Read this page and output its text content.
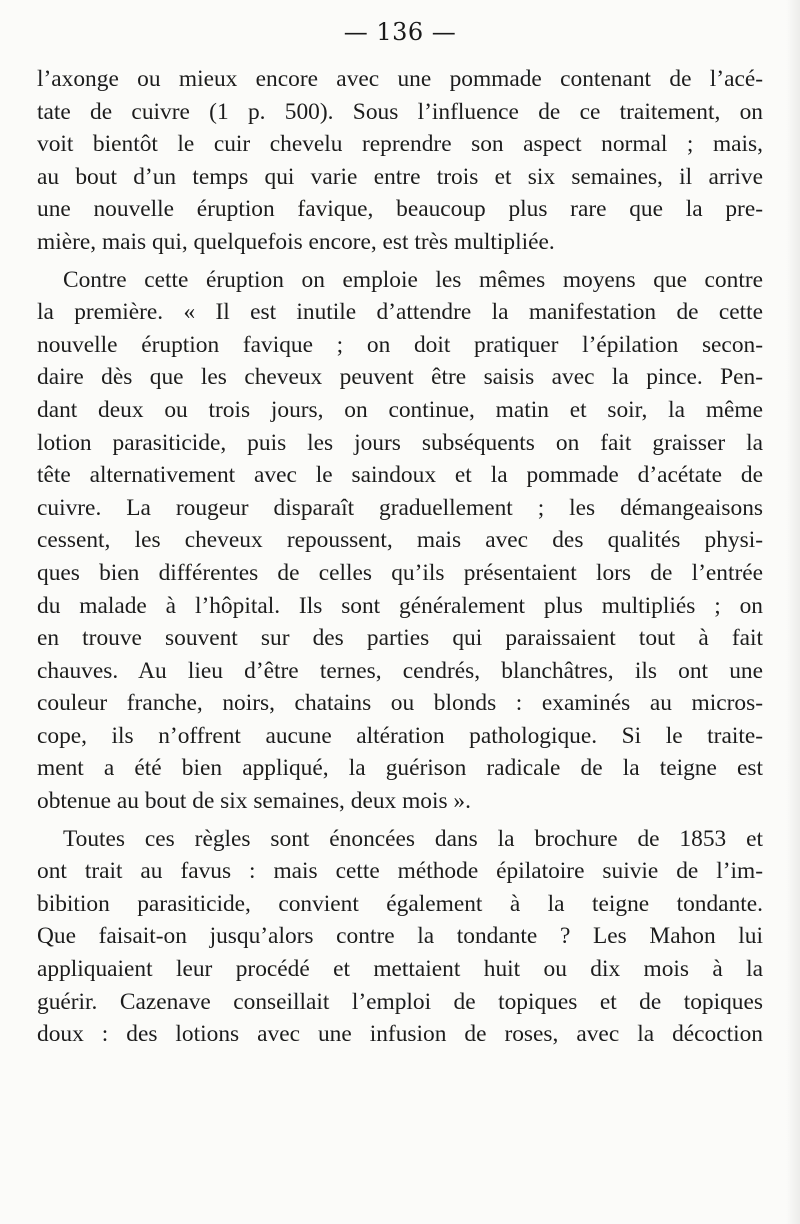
— 136 —
l’axonge ou mieux encore avec une pommade contenant de l’acé-
tate de cuivre (1 p. 500). Sous l’influence de ce traitement, on
voit bientôt le cuir chevelu reprendre son aspect normal ; mais,
au bout d’un temps qui varie entre trois et six semaines, il arrive
une nouvelle éruption favique, beaucoup plus rare que la pre-
mière, mais qui, quelquefois encore, est très multipliée.
Contre cette éruption on emploie les mêmes moyens que contre
la première. « Il est inutile d’attendre la manifestation de cette
nouvelle éruption favique ; on doit pratiquer l’épilation secon-
daire dès que les cheveux peuvent être saisis avec la pince. Pen-
dant deux ou trois jours, on continue, matin et soir, la même
lotion parasiticide, puis les jours subséquents on fait graisser la
tête alternativement avec le saindoux et la pommade d’acétate de
cuivre. La rougeur disparaît graduellement ; les démangeaisons
cessent, les cheveux repoussent, mais avec des qualités physi-
ques bien différentes de celles qu’ils présentaient lors de l’entrée
du malade à l’hôpital. Ils sont généralement plus multipliés ; on
en trouve souvent sur des parties qui paraissaient tout à fait
chauves. Au lieu d’être ternes, cendrés, blanchâtres, ils ont une
couleur franche, noirs, chatains ou blonds : examinés au micros-
cope, ils n’offrent aucune altération pathologique. Si le traite-
ment a été bien appliqué, la guérison radicale de la teigne est
obtenue au bout de six semaines, deux mois ».
Toutes ces règles sont énoncées dans la brochure de 1853 et
ont trait au favus : mais cette méthode épilatoire suivie de l’im-
bibition parasiticide, convient également à la teigne tondante.
Que faisait-on jusqu’alors contre la tondante ? Les Mahon lui
appliquaient leur procédé et mettaient huit ou dix mois à la
guérir. Cazenave conseillait l’emploi de topiques et de topiques
doux : des lotions avec une infusion de roses, avec la décoction
